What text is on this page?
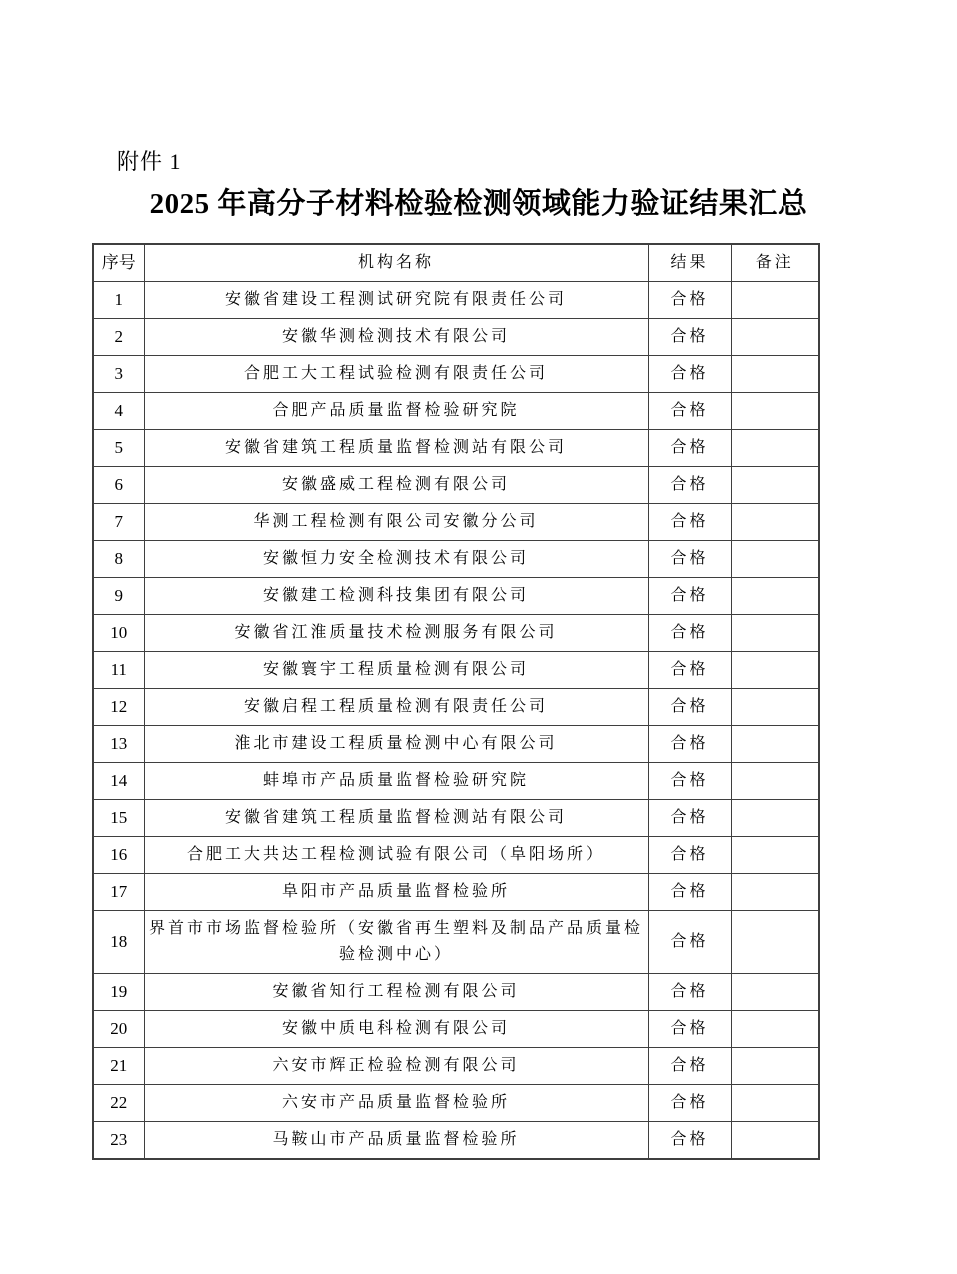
附件 1
2025 年高分子材料检验检测领域能力验证结果汇总
序号	机构名称	结果	备注
1	安徽省建设工程测试研究院有限责任公司	合格	
2	安徽华测检测技术有限公司	合格	
3	合肥工大工程试验检测有限责任公司	合格	
4	合肥产品质量监督检验研究院	合格	
5	安徽省建筑工程质量监督检测站有限公司	合格	
6	安徽盛威工程检测有限公司	合格	
7	华测工程检测有限公司安徽分公司	合格	
8	安徽恒力安全检测技术有限公司	合格	
9	安徽建工检测科技集团有限公司	合格	
10	安徽省江淮质量技术检测服务有限公司	合格	
11	安徽寰宇工程质量检测有限公司	合格	
12	安徽启程工程质量检测有限责任公司	合格	
13	淮北市建设工程质量检测中心有限公司	合格	
14	蚌埠市产品质量监督检验研究院	合格	
15	安徽省建筑工程质量监督检测站有限公司	合格	
16	合肥工大共达工程检测试验有限公司（阜阳场所）	合格	
17	阜阳市产品质量监督检验所	合格	
18	界首市市场监督检验所（安徽省再生塑料及制品产品质量检验检测中心）	合格	
19	安徽省知行工程检测有限公司	合格	
20	安徽中质电科检测有限公司	合格	
21	六安市辉正检验检测有限公司	合格	
22	六安市产品质量监督检验所	合格	
23	马鞍山市产品质量监督检验所	合格	
